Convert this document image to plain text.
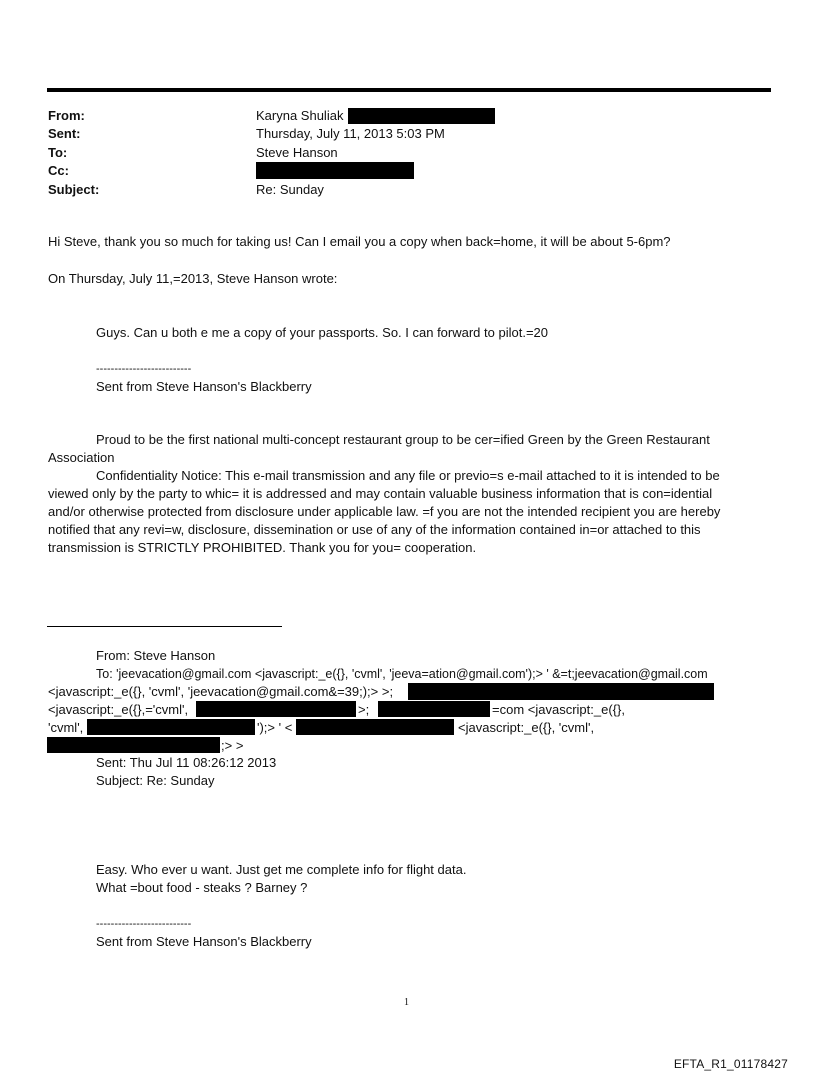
From:	Karyna Shuliak
Sent:	Thursday, July 11, 2013 5:03 PM
To:	Steve Hanson
Cc:
Subject:	Re: Sunday
Hi Steve, thank you so much for taking us! Can I email you a copy when back=home, it will be about 5-6pm?
On Thursday, July 11,=2013, Steve Hanson wrote:
Guys. Can u both e me a copy of your passports. So. I can forward to pilot.=20
--------------------------
Sent from Steve Hanson's Blackberry
Proud to be the first national multi-concept restaurant group to be cer=ified Green by the Green Restaurant
Association
Confidentiality Notice: This e-mail transmission and any file or previo=s e-mail attached to it is intended to be
viewed only by the party to whic= it is addressed and may contain valuable business information that is con=idential
and/or otherwise protected from disclosure under applicable law. =f you are not the intended recipient you are hereby
notified that any revi=w, disclosure, dissemination or use of any of the information contained in=or attached to this
transmission is STRICTLY PROHIBITED. Thank you for you= cooperation.
From: Steve Hanson
To: 'jeevacation@gmail.com <javascript:_e({}, 'cvml', 'jeeva=ation@gmail.com');> ' &=t;jeevacation@gmail.com
<javascript:_e({}, 'cvml', 'jeevacation@gmail.com&=39;);> >;
<javascript:_e({},='cvml',	>;	=com <javascript:_e({},
'cvml',	');> ' <	<javascript:_e({}, 'cvml',
;> >
Sent: Thu Jul 11 08:26:12 2013
Subject: Re: Sunday
Easy. Who ever u want. Just get me complete info for flight data.
What =bout food - steaks ? Barney ?
--------------------------
Sent from Steve Hanson's Blackberry
1
EFTA_R1_01178427
